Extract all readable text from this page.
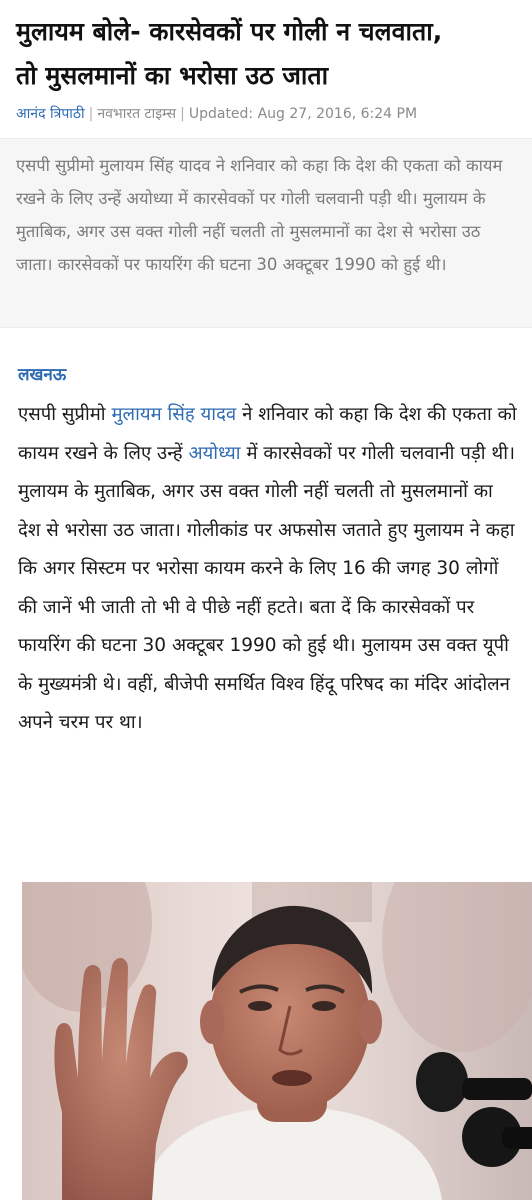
मुलायम बोले- कारसेवकों पर गोली न चलवाता,
तो मुसलमानों का भरोसा उठ जाता
आनंद त्रिपाठी | नवभारत टाइम्स | Updated: Aug 27, 2016, 6:24 PM

एसपी सुप्रीमो मुलायम सिंह यादव ने शनिवार को कहा कि देश की एकता को कायम रखने के लिए उन्हें अयोध्या में कारसेवकों पर गोली चलवानी पड़ी थी। मुलायम के मुताबिक, अगर उस वक्त गोली नहीं चलती तो मुसलमानों का देश से भरोसा उठ जाता। कारसेवकों पर फायरिंग की घटना 30 अक्टूबर 1990 को हुई थी।

लखनऊ

एसपी सुप्रीमो मुलायम सिंह यादव ने शनिवार को कहा कि देश की एकता को कायम रखने के लिए उन्हें अयोध्या में कारसेवकों पर गोली चलवानी पड़ी थी। मुलायम के मुताबिक, अगर उस वक्त गोली नहीं चलती तो मुसलमानों का देश से भरोसा उठ जाता। गोलीकांड पर अफसोस जताते हुए मुलायम ने कहा कि अगर सिस्टम पर भरोसा कायम करने के लिए 16 की जगह 30 लोगों की जानें भी जाती तो भी वे पीछे नहीं हटते। बता दें कि कारसेवकों पर फायरिंग की घटना 30 अक्टूबर 1990 को हुई थी। मुलायम उस वक्त यूपी के मुख्यमंत्री थे। वहीं, बीजेपी समर्थित विश्व हिंदू परिषद का मंदिर आंदोलन अपने चरम पर था।
